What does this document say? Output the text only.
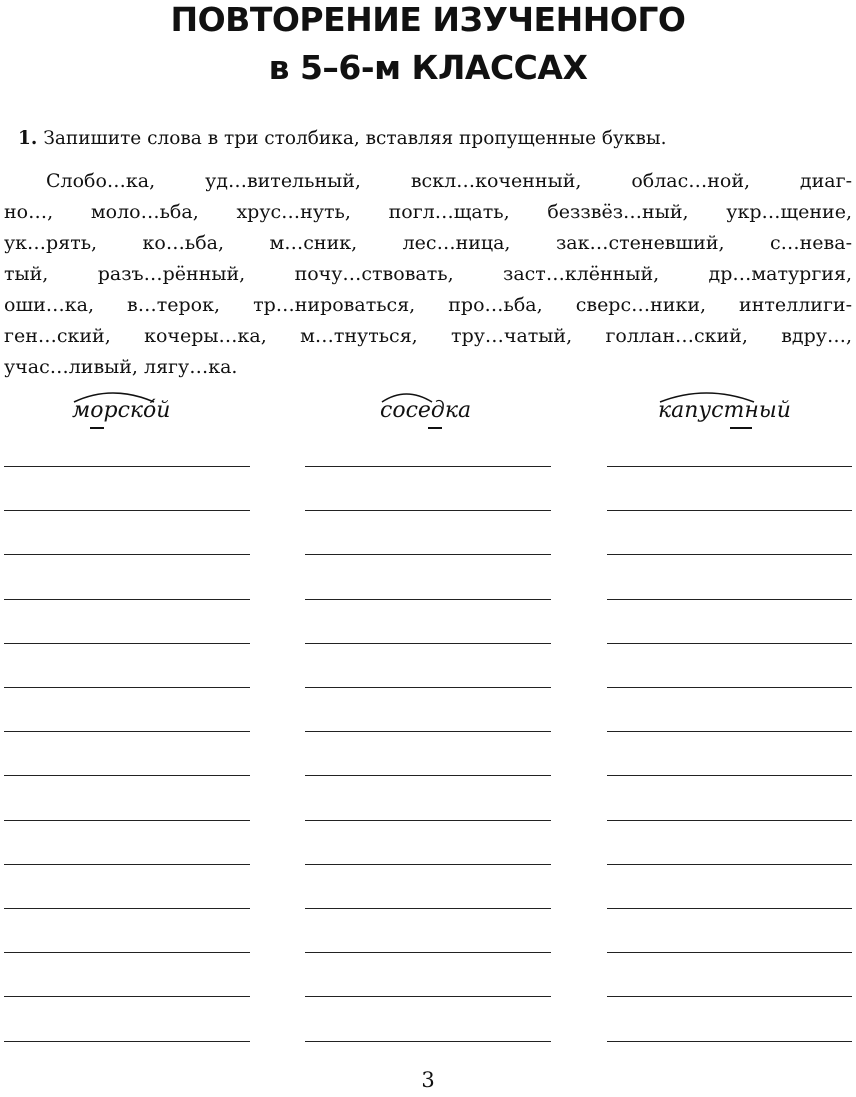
ПОВТОРЕНИЕ ИЗУЧЕННОГО
в 5–6-м КЛАССАХ
1. Запишите слова в три столбика, вставляя пропущенные буквы.
Слобо…ка, уд…вительный, вскл…коченный, облас…ной, диаг-
но…, моло…ьба, хрус…нуть, погл…щать, беззвёз…ный, укр…щение,
ук…рять, ко…ьба, м…сник, лес…ница, зак…стеневший, с…нева-
тый, разъ…рённый, почу…ствовать, заст…клённый, др…матургия,
оши…ка, в…терок, тр…нироваться, про…ьба, сверс…ники, интеллиги-
ген…ский, кочеры…ка, м…тнуться, тру…чатый, голлан…ский, вдру…,
учас…ливый, лягу…ка.
морско́й	соседка	капустный
3
